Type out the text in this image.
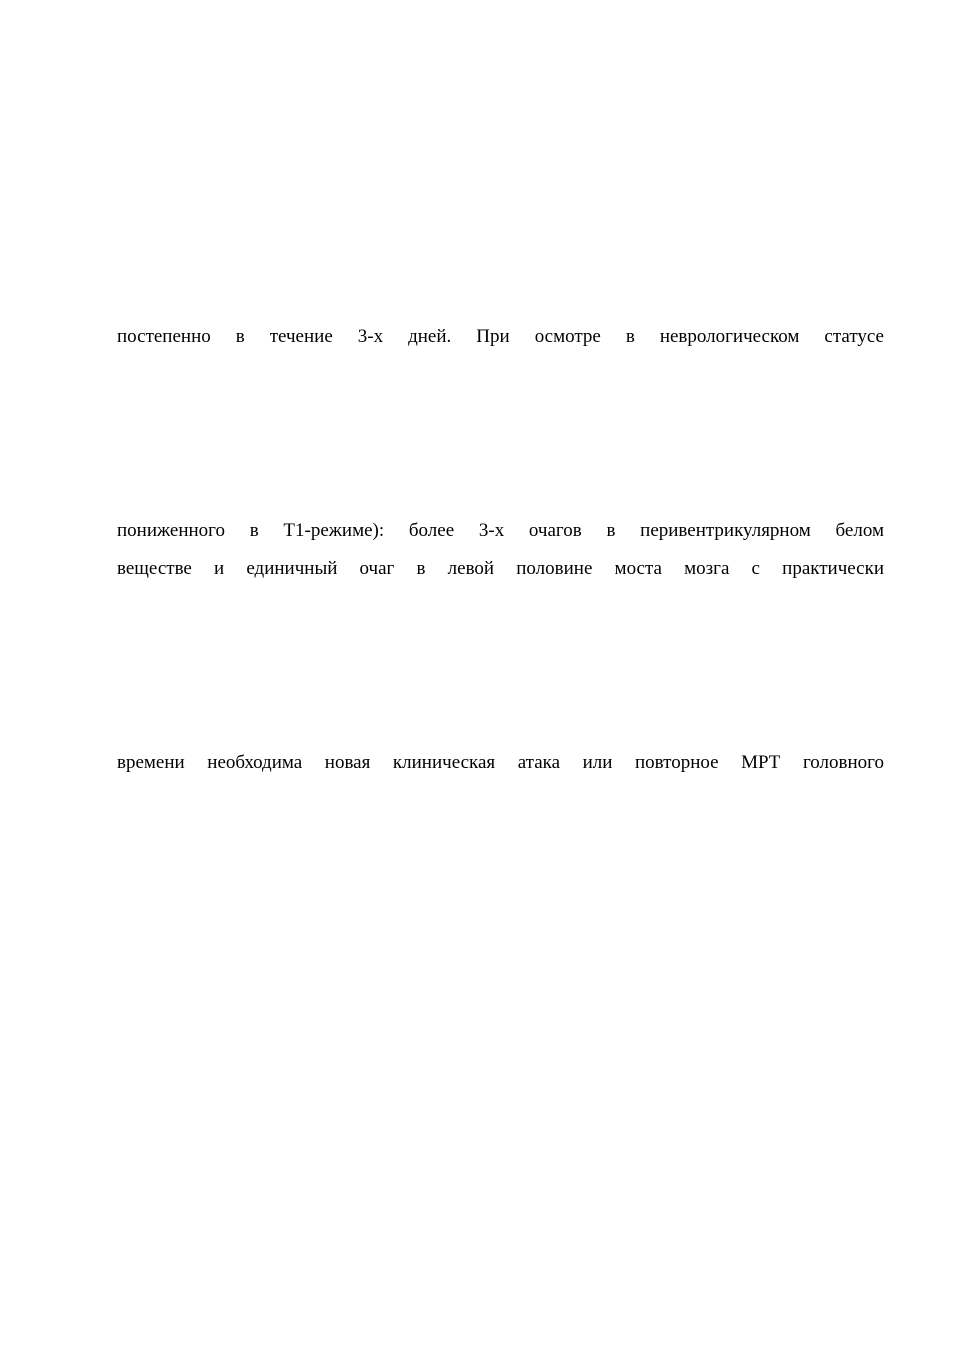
постепенно в течение 3-х дней. При осмотре в неврологическом статусе
пониженного в Т1-режиме): более 3-х очагов в перивентрикулярном белом
веществе и единичный очаг в левой половине моста мозга с практически
времени необходима новая клиническая атака или повторное МРТ головного
